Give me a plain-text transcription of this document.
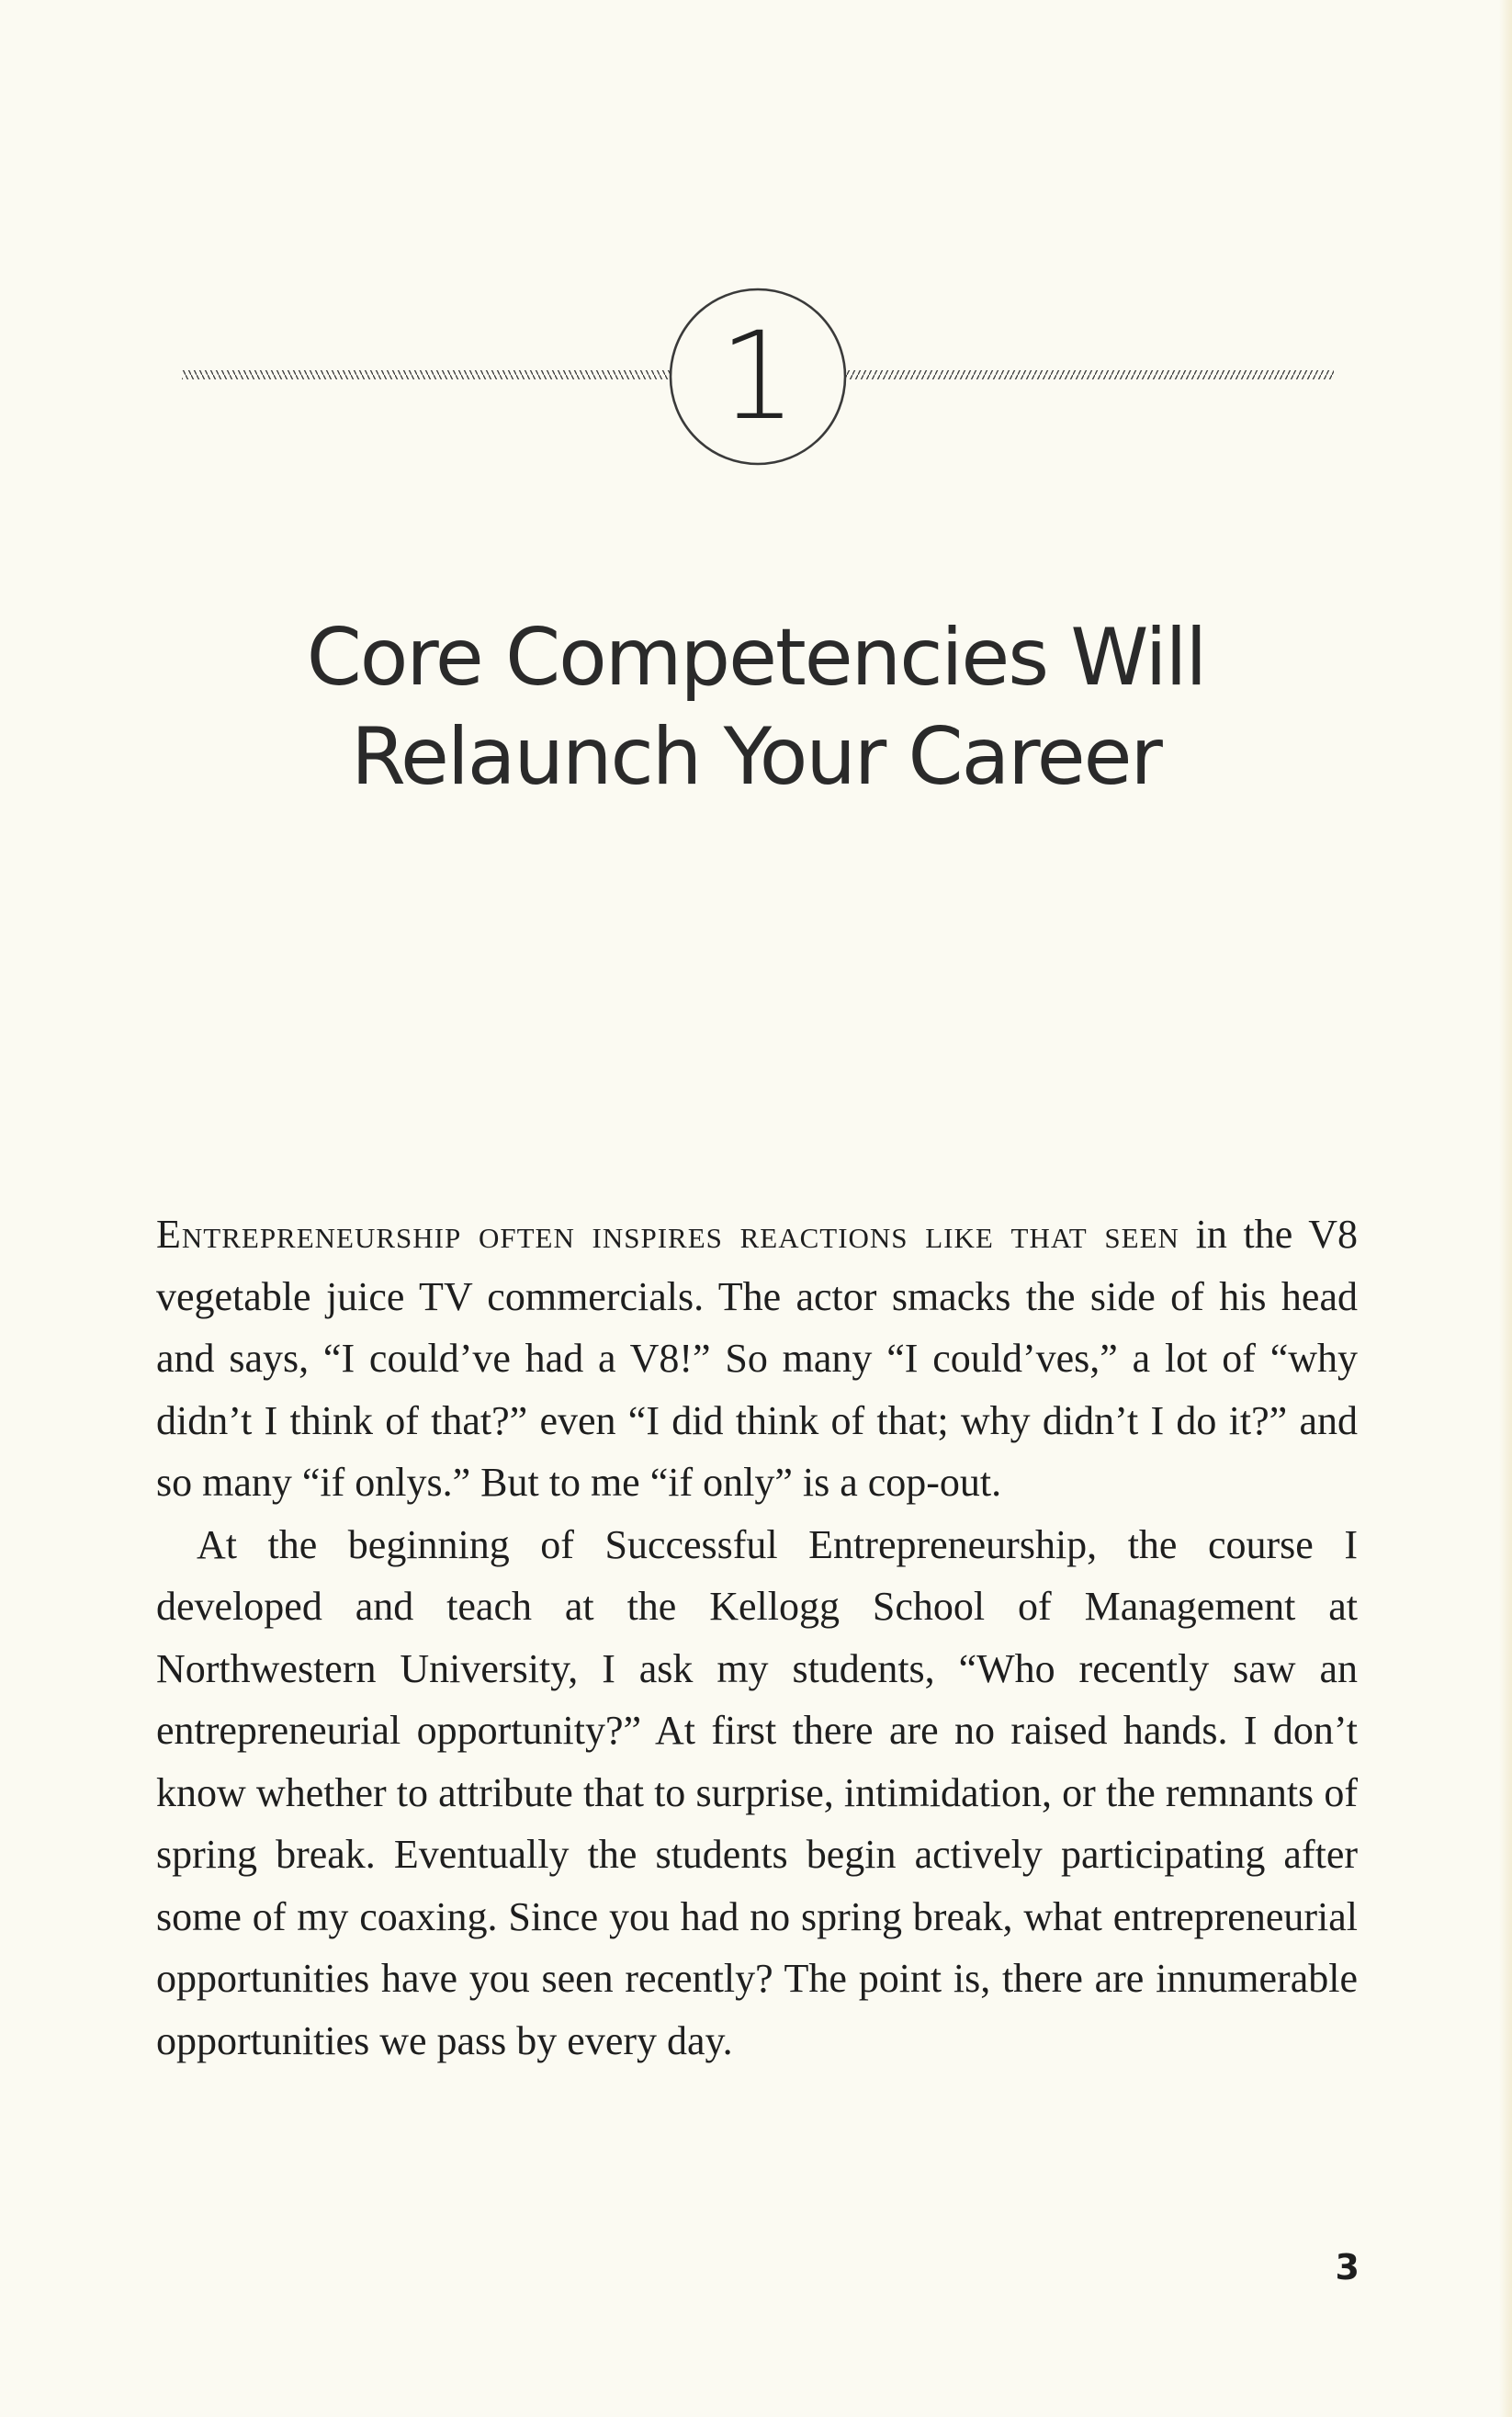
1
Core Competencies Will
Relaunch Your Career

Entrepreneurship often inspires reactions like that seen in the V8 vegetable juice TV commercials. The actor smacks the side of his head and says, “I could’ve had a V8!” So many “I could’ves,” a lot of “why didn’t I think of that?” even “I did think of that; why didn’t I do it?” and so many “if onlys.” But to me “if only” is a cop-out.

At the beginning of Successful Entrepreneurship, the course I developed and teach at the Kellogg School of Management at Northwestern University, I ask my students, “Who recently saw an entrepreneurial opportunity?” At first there are no raised hands. I don’t know whether to attribute that to surprise, intimidation, or the remnants of spring break. Eventually the students begin actively participating after some of my coaxing. Since you had no spring break, what entrepreneurial opportunities have you seen recently? The point is, there are innumerable opportunities we pass by every day.

3
